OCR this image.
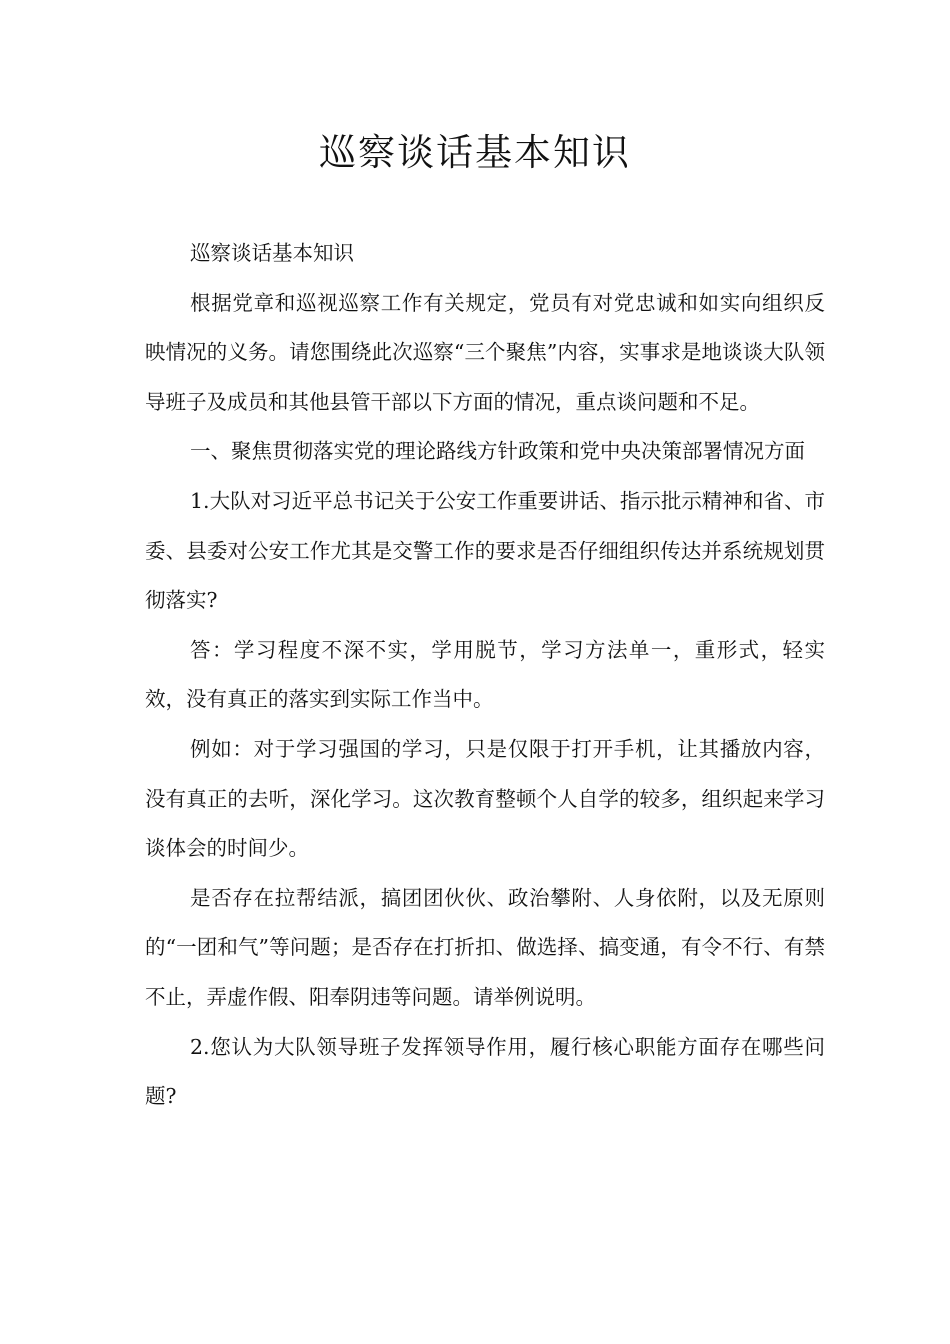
巡察谈话基本知识

巡察谈话基本知识

根据党章和巡视巡察工作有关规定，党员有对党忠诚和如实向组织反映情况的义务。请您围绕此次巡察“三个聚焦”内容，实事求是地谈谈大队领导班子及成员和其他县管干部以下方面的情况，重点谈问题和不足。

一、聚焦贯彻落实党的理论路线方针政策和党中央决策部署情况方面

1.大队对习近平总书记关于公安工作重要讲话、指示批示精神和省、市委、县委对公安工作尤其是交警工作的要求是否仔细组织传达并系统规划贯彻落实?

答：学习程度不深不实，学用脱节，学习方法单一，重形式，轻实效，没有真正的落实到实际工作当中。

例如：对于学习强国的学习，只是仅限于打开手机，让其播放内容，没有真正的去听，深化学习。这次教育整顿个人自学的较多，组织起来学习谈体会的时间少。

是否存在拉帮结派，搞团团伙伙、政治攀附、人身依附，以及无原则的“一团和气”等问题；是否存在打折扣、做选择、搞变通，有令不行、有禁不止，弄虚作假、阳奉阴违等问题。请举例说明。

2.您认为大队领导班子发挥领导作用，履行核心职能方面存在哪些问题?
